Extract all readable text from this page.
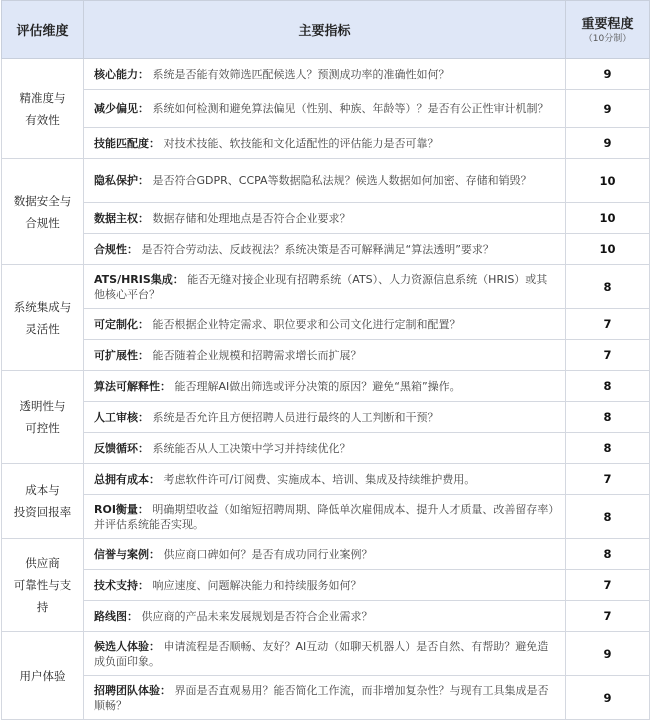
评估维度	主要指标	重要程度
（10分制）

精准度与
有效性	核心能力： 系统是否能有效筛选匹配候选人？预测成功率的准确性如何？	9
	减少偏见： 系统如何检测和避免算法偏见（性别、种族、年龄等）？是否有公正性审计机制？	9
	技能匹配度： 对技术技能、软技能和文化适配性的评估能力是否可靠？	9

数据安全与
合规性	隐私保护： 是否符合GDPR、CCPA等数据隐私法规？候选人数据如何加密、存储和销毁？	10
	数据主权： 数据存储和处理地点是否符合企业要求？	10
	合规性： 是否符合劳动法、反歧视法？系统决策是否可解释满足“算法透明”要求？	10

系统集成与
灵活性	ATS/HRIS集成： 能否无缝对接企业现有招聘系统（ATS）、人力资源信息系统（HRIS）或其他核心平台？	8
	可定制化： 能否根据企业特定需求、职位要求和公司文化进行定制和配置？	7
	可扩展性： 能否随着企业规模和招聘需求增长而扩展？	7

透明性与
可控性	算法可解释性： 能否理解AI做出筛选或评分决策的原因？避免“黑箱”操作。	8
	人工审核： 系统是否允许且方便招聘人员进行最终的人工判断和干预？	8
	反馈循环： 系统能否从人工决策中学习并持续优化？	8

成本与
投资回报率	总拥有成本： 考虑软件许可/订阅费、实施成本、培训、集成及持续维护费用。	7
	ROI衡量： 明确期望收益（如缩短招聘周期、降低单次雇佣成本、提升人才质量、改善留存率）并评估系统能否实现。	8

供应商
可靠性与支
持	信誉与案例： 供应商口碑如何？是否有成功同行业案例？	8
	技术支持： 响应速度、问题解决能力和持续服务如何？	7
	路线图： 供应商的产品未来发展规划是否符合企业需求？	7

用户体验	候选人体验： 申请流程是否顺畅、友好？AI互动（如聊天机器人）是否自然、有帮助？避免造成负面印象。	9
	招聘团队体验： 界面是否直观易用？能否简化工作流，而非增加复杂性？与现有工具集成是否顺畅？	9
